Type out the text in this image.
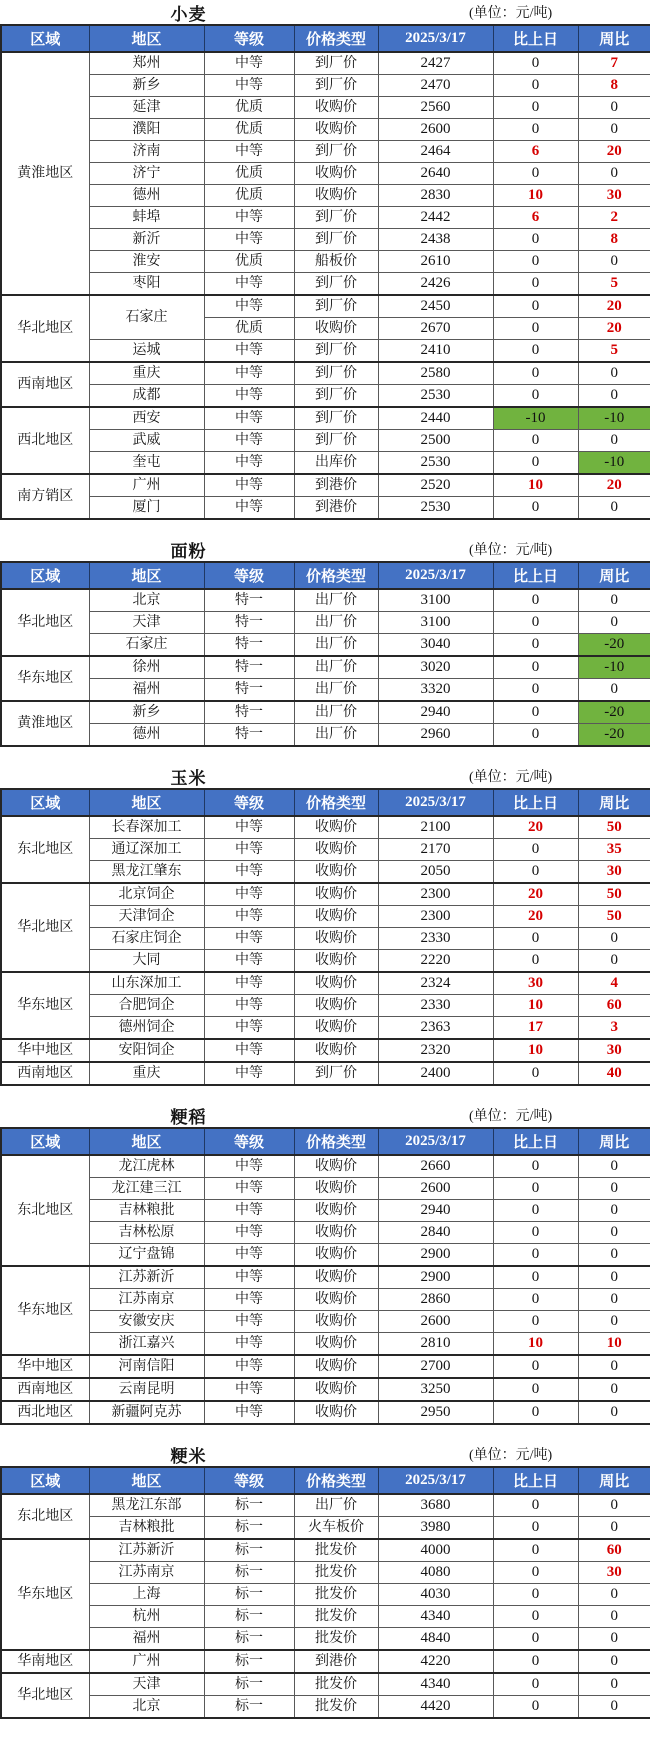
小麦	(单位：元/吨)
区域	地区	等级	价格类型	2025/3/17	比上日	周比
黄淮地区	郑州	中等	到厂价	2427	0	7
	新乡	中等	到厂价	2470	0	8
	延津	优质	收购价	2560	0	0
	濮阳	优质	收购价	2600	0	0
	济南	中等	到厂价	2464	6	20
	济宁	优质	收购价	2640	0	0
	德州	优质	收购价	2830	10	30
	蚌埠	中等	到厂价	2442	6	2
	新沂	中等	到厂价	2438	0	8
	淮安	优质	船板价	2610	0	0
	枣阳	中等	到厂价	2426	0	5
华北地区	石家庄	中等	到厂价	2450	0	20
		优质	收购价	2670	0	20
	运城	中等	到厂价	2410	0	5
西南地区	重庆	中等	到厂价	2580	0	0
	成都	中等	到厂价	2530	0	0
西北地区	西安	中等	到厂价	2440	-10	-10
	武威	中等	到厂价	2500	0	0
	奎屯	中等	出库价	2530	0	-10
南方销区	广州	中等	到港价	2520	10	20
	厦门	中等	到港价	2530	0	0
面粉	(单位：元/吨)
区域	地区	等级	价格类型	2025/3/17	比上日	周比
华北地区	北京	特一	出厂价	3100	0	0
	天津	特一	出厂价	3100	0	0
	石家庄	特一	出厂价	3040	0	-20
华东地区	徐州	特一	出厂价	3020	0	-10
	福州	特一	出厂价	3320	0	0
黄淮地区	新乡	特一	出厂价	2940	0	-20
	德州	特一	出厂价	2960	0	-20
玉米	(单位：元/吨)
区域	地区	等级	价格类型	2025/3/17	比上日	周比
东北地区	长春深加工	中等	收购价	2100	20	50
	通辽深加工	中等	收购价	2170	0	35
	黑龙江肇东	中等	收购价	2050	0	30
华北地区	北京饲企	中等	收购价	2300	20	50
	天津饲企	中等	收购价	2300	20	50
	石家庄饲企	中等	收购价	2330	0	0
	大同	中等	收购价	2220	0	0
华东地区	山东深加工	中等	收购价	2324	30	4
	合肥饲企	中等	收购价	2330	10	60
	德州饲企	中等	收购价	2363	17	3
华中地区	安阳饲企	中等	收购价	2320	10	30
西南地区	重庆	中等	到厂价	2400	0	40
粳稻	(单位：元/吨)
区域	地区	等级	价格类型	2025/3/17	比上日	周比
东北地区	龙江虎林	中等	收购价	2660	0	0
	龙江建三江	中等	收购价	2600	0	0
	吉林粮批	中等	收购价	2940	0	0
	吉林松原	中等	收购价	2840	0	0
	辽宁盘锦	中等	收购价	2900	0	0
华东地区	江苏新沂	中等	收购价	2900	0	0
	江苏南京	中等	收购价	2860	0	0
	安徽安庆	中等	收购价	2600	0	0
	浙江嘉兴	中等	收购价	2810	10	10
华中地区	河南信阳	中等	收购价	2700	0	0
西南地区	云南昆明	中等	收购价	3250	0	0
西北地区	新疆阿克苏	中等	收购价	2950	0	0
粳米	(单位：元/吨)
区域	地区	等级	价格类型	2025/3/17	比上日	周比
东北地区	黑龙江东部	标一	出厂价	3680	0	0
	吉林粮批	标一	火车板价	3980	0	0
华东地区	江苏新沂	标一	批发价	4000	0	60
	江苏南京	标一	批发价	4080	0	30
	上海	标一	批发价	4030	0	0
	杭州	标一	批发价	4340	0	0
	福州	标一	批发价	4840	0	0
华南地区	广州	标一	到港价	4220	0	0
华北地区	天津	标一	批发价	4340	0	0
	北京	标一	批发价	4420	0	0
